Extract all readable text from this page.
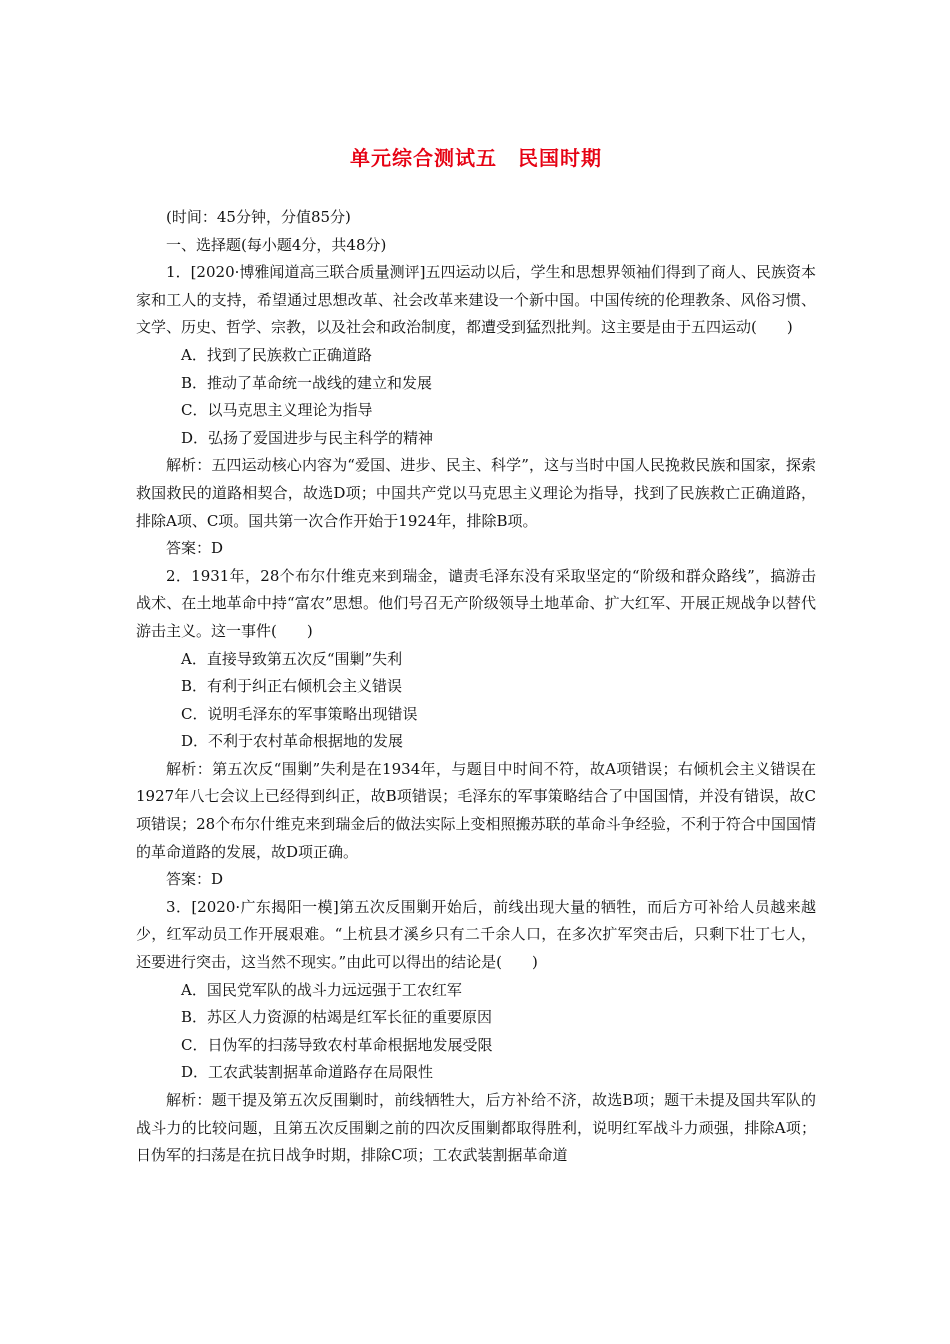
单元综合测试五　民国时期
(时间：45分钟，分值85分)
一、选择题(每小题4分，共48分)
1．[2020·博雅闻道高三联合质量测评]五四运动以后，学生和思想界领袖们得到了商人、民族资本家和工人的支持，希望通过思想改革、社会改革来建设一个新中国。中国传统的伦理教条、风俗习惯、文学、历史、哲学、宗教，以及社会和政治制度，都遭受到猛烈批判。这主要是由于五四运动(　　)
A．找到了民族救亡正确道路
B．推动了革命统一战线的建立和发展
C．以马克思主义理论为指导
D．弘扬了爱国进步与民主科学的精神
解析：五四运动核心内容为“爱国、进步、民主、科学”，这与当时中国人民挽救民族和国家，探索救国救民的道路相契合，故选D项；中国共产党以马克思主义理论为指导，找到了民族救亡正确道路，排除A项、C项。国共第一次合作开始于1924年，排除B项。
答案：D
2．1931年，28个布尔什维克来到瑞金，谴责毛泽东没有采取坚定的“阶级和群众路线”，搞游击战术、在土地革命中持“富农”思想。他们号召无产阶级领导土地革命、扩大红军、开展正规战争以替代游击主义。这一事件(　　)
A．直接导致第五次反“围剿”失利
B．有利于纠正右倾机会主义错误
C．说明毛泽东的军事策略出现错误
D．不利于农村革命根据地的发展
解析：第五次反“围剿”失利是在1934年，与题目中时间不符，故A项错误；右倾机会主义错误在1927年八七会议上已经得到纠正，故B项错误；毛泽东的军事策略结合了中国国情，并没有错误，故C项错误；28个布尔什维克来到瑞金后的做法实际上变相照搬苏联的革命斗争经验，不利于符合中国国情的革命道路的发展，故D项正确。
答案：D
3．[2020·广东揭阳一模]第五次反围剿开始后，前线出现大量的牺牲，而后方可补给人员越来越少，红军动员工作开展艰难。“上杭县才溪乡只有二千余人口，在多次扩军突击后，只剩下壮丁七人，还要进行突击，这当然不现实。”由此可以得出的结论是(　　)
A．国民党军队的战斗力远远强于工农红军
B．苏区人力资源的枯竭是红军长征的重要原因
C．日伪军的扫荡导致农村革命根据地发展受限
D．工农武装割据革命道路存在局限性
解析：题干提及第五次反围剿时，前线牺牲大，后方补给不济，故选B项；题干未提及国共军队的战斗力的比较问题，且第五次反围剿之前的四次反围剿都取得胜利，说明红军战斗力顽强，排除A项；日伪军的扫荡是在抗日战争时期，排除C项；工农武装割据革命道
